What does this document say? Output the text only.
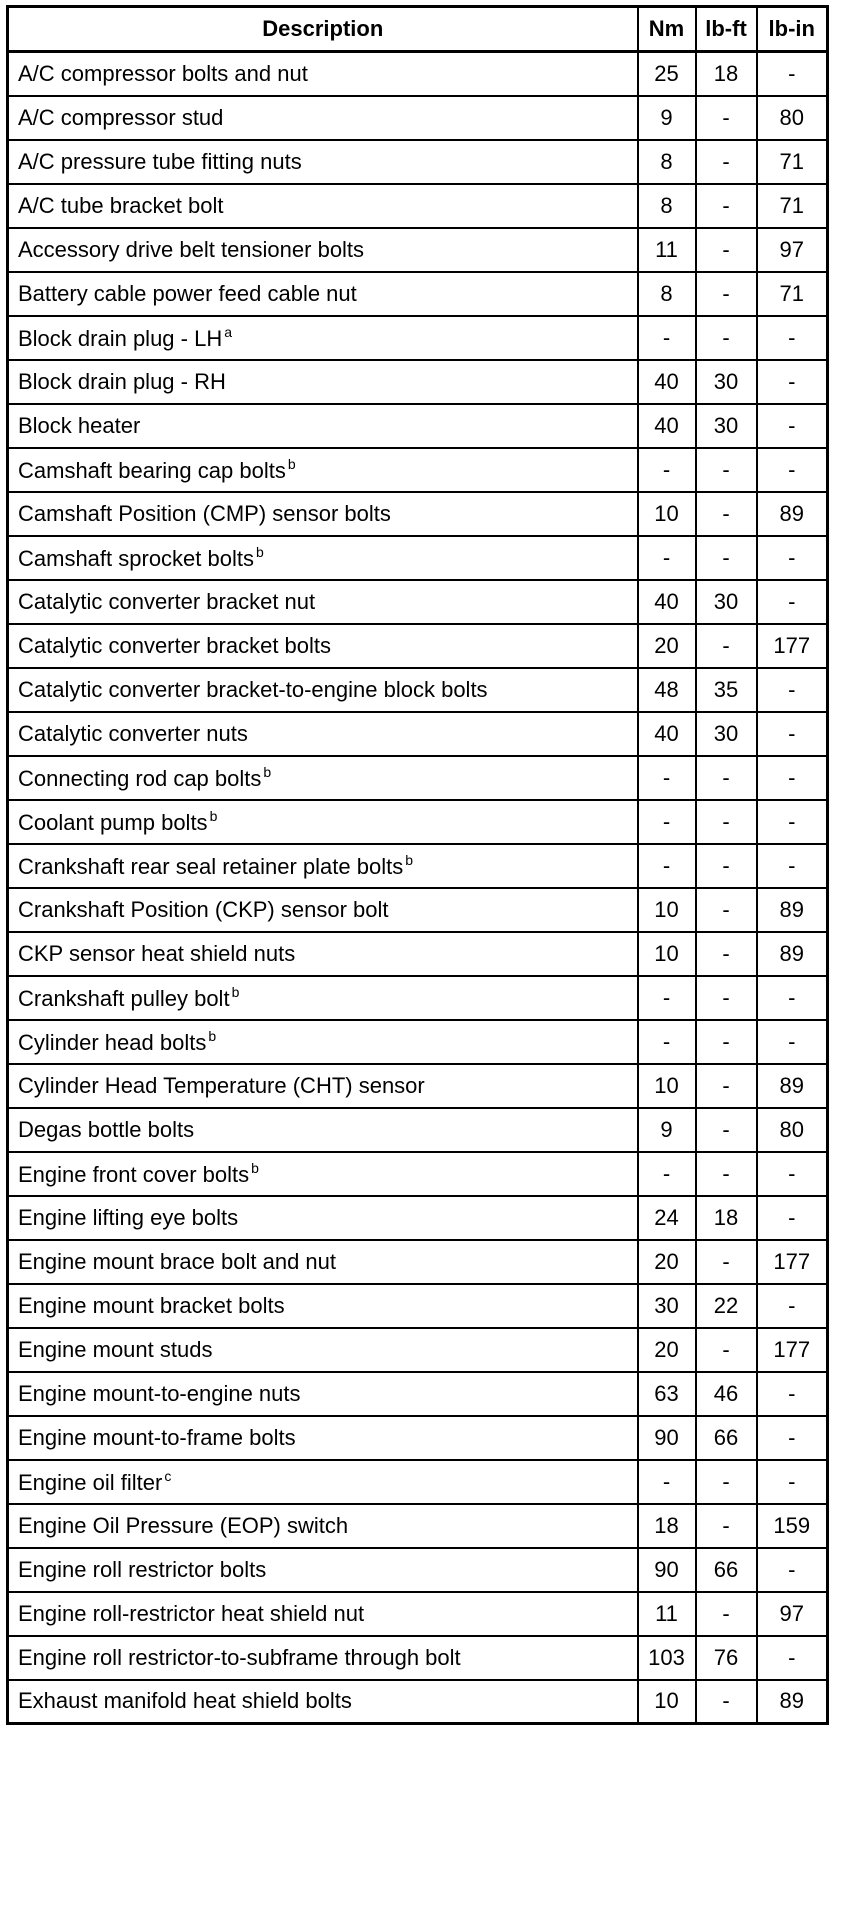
Description	Nm	lb-ft	lb-in
A/C compressor bolts and nut	25	18	-
A/C compressor stud	9	-	80
A/C pressure tube fitting nuts	8	-	71
A/C tube bracket bolt	8	-	71
Accessory drive belt tensioner bolts	11	-	97
Battery cable power feed cable nut	8	-	71
Block drain plug - LH $^a$	-	-	-
Block drain plug - RH	40	30	-
Block heater	40	30	-
Camshaft bearing cap bolts $^b$	-	-	-
Camshaft Position (CMP) sensor bolts	10	-	89
Camshaft sprocket bolts $^b$	-	-	-
Catalytic converter bracket nut	40	30	-
Catalytic converter bracket bolts	20	-	177
Catalytic converter bracket-to-engine block bolts	48	35	-
Catalytic converter nuts	40	30	-
Connecting rod cap bolts $^b$	-	-	-
Coolant pump bolts $^b$	-	-	-
Crankshaft rear seal retainer plate bolts $^b$	-	-	-
Crankshaft Position (CKP) sensor bolt	10	-	89
CKP sensor heat shield nuts	10	-	89
Crankshaft pulley bolt $^b$	-	-	-
Cylinder head bolts $^b$	-	-	-
Cylinder Head Temperature (CHT) sensor	10	-	89
Degas bottle bolts	9	-	80
Engine front cover bolts $^b$	-	-	-
Engine lifting eye bolts	24	18	-
Engine mount brace bolt and nut	20	-	177
Engine mount bracket bolts	30	22	-
Engine mount studs	20	-	177
Engine mount-to-engine nuts	63	46	-
Engine mount-to-frame bolts	90	66	-
Engine oil filter $^c$	-	-	-
Engine Oil Pressure (EOP) switch	18	-	159
Engine roll restrictor bolts	90	66	-
Engine roll-restrictor heat shield nut	11	-	97
Engine roll restrictor-to-subframe through bolt	103	76	-
Exhaust manifold heat shield bolts	10	-	89
